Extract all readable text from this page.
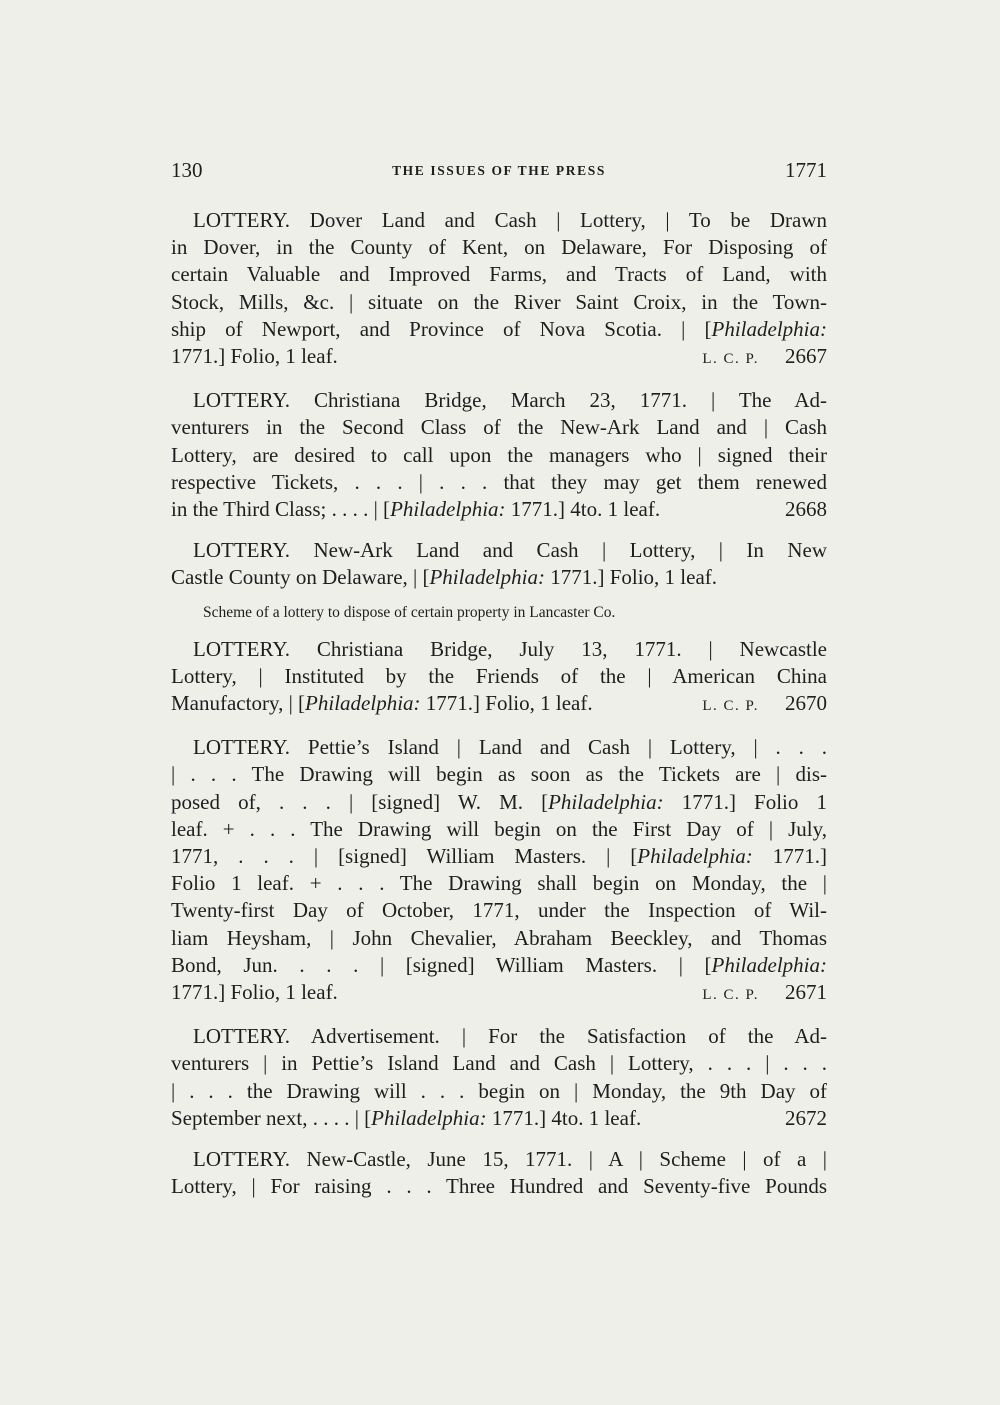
130	THE ISSUES OF THE PRESS	1771
LOTTERY. Dover Land and Cash | Lottery, | To be Drawn
in Dover, in the County of Kent, on Delaware, For Disposing of
certain Valuable and Improved Farms, and Tracts of Land, with
Stock, Mills, &c. | situate on the River Saint Croix, in the Town-
ship of Newport, and Province of Nova Scotia. | [Philadelphia:
1771.] Folio, 1 leaf.	L. C. P. 2667
LOTTERY. Christiana Bridge, March 23, 1771. | The Ad-
venturers in the Second Class of the New-Ark Land and | Cash
Lottery, are desired to call upon the managers who | signed their
respective Tickets, . . . | . . . that they may get them renewed
in the Third Class; . . . . | [Philadelphia: 1771.] 4to. 1 leaf.	2668
LOTTERY. New-Ark Land and Cash | Lottery, | In New
Castle County on Delaware, | [Philadelphia: 1771.] Folio, 1 leaf.
Scheme of a lottery to dispose of certain property in Lancaster Co.
LOTTERY. Christiana Bridge, July 13, 1771. | Newcastle
Lottery, | Instituted by the Friends of the | American China
Manufactory, | [Philadelphia: 1771.] Folio, 1 leaf.	L. C. P. 2670
LOTTERY. Pettie’s Island | Land and Cash | Lottery, | . . .
| . . . The Drawing will begin as soon as the Tickets are | dis-
posed of, . . . | [signed] W. M. [Philadelphia: 1771.] Folio 1
leaf. + . . . The Drawing will begin on the First Day of | July,
1771, . . . | [signed] William Masters. | [Philadelphia: 1771.]
Folio 1 leaf. + . . . The Drawing shall begin on Monday, the |
Twenty-first Day of October, 1771, under the Inspection of Wil-
liam Heysham, | John Chevalier, Abraham Beeckley, and Thomas
Bond, Jun. . . . | [signed] William Masters. | [Philadelphia:
1771.] Folio, 1 leaf.	L. C. P. 2671
LOTTERY. Advertisement. | For the Satisfaction of the Ad-
venturers | in Pettie’s Island Land and Cash | Lottery, . . . | . . .
| . . . the Drawing will . . . begin on | Monday, the 9th Day of
September next, . . . . | [Philadelphia: 1771.] 4to. 1 leaf.	2672
LOTTERY. New-Castle, June 15, 1771. | A | Scheme | of a |
Lottery, | For raising . . . Three Hundred and Seventy-five Pounds
